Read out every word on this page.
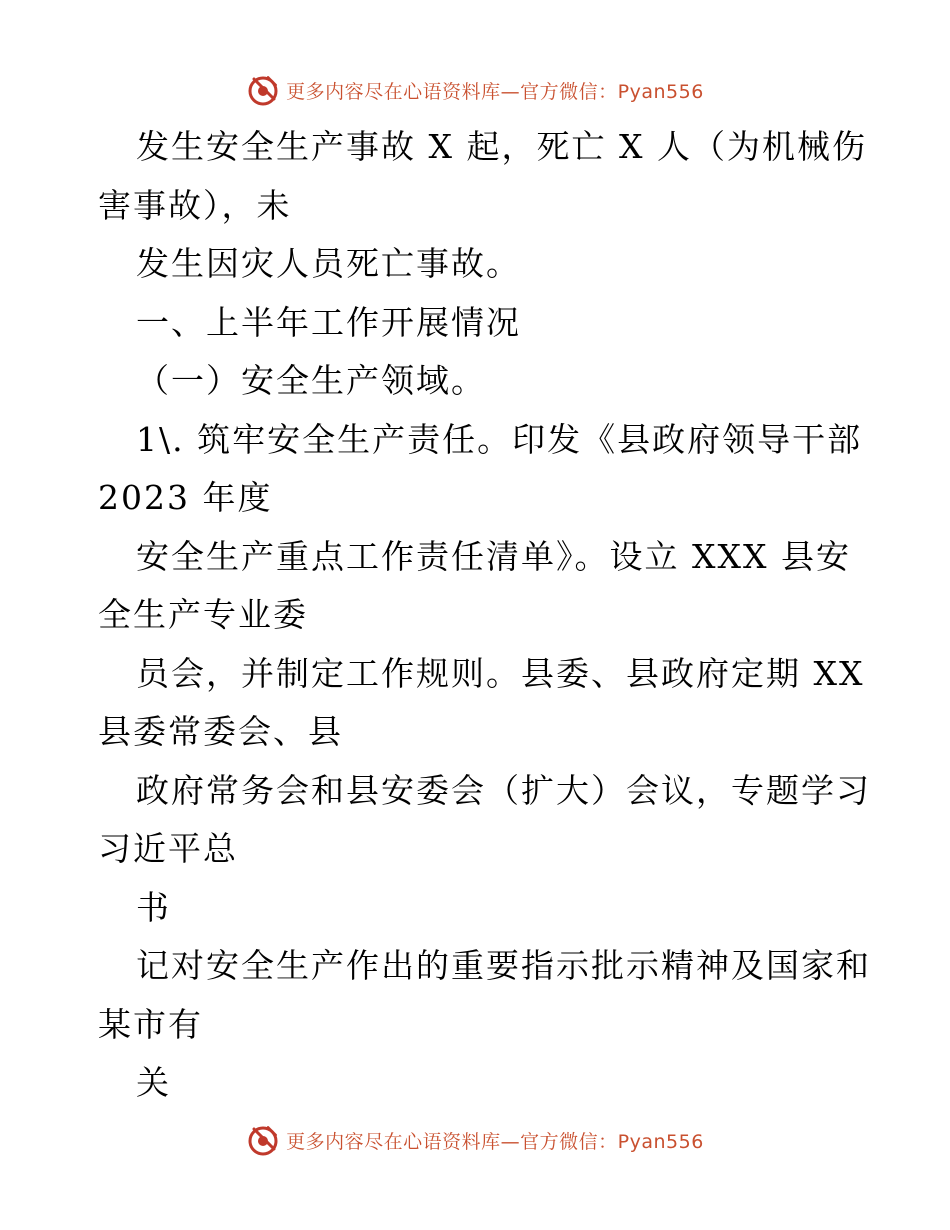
更多内容尽在心语资料库—官方微信：Pyan556
发生安全生产事故 X 起，死亡 X 人（为机械伤
害事故），未
发生因灾人员死亡事故。
一、上半年工作开展情况
（一）安全生产领域。
1\. 筑牢安全生产责任。印发《县政府领导干部
2023 年度
安全生产重点工作责任清单》。设立 XXX 县安
全生产专业委
员会，并制定工作规则。县委、县政府定期 XX
县委常委会、县
政府常务会和县安委会（扩大）会议，专题学习
习近平总
书
记对安全生产作出的重要指示批示精神及国家和
某市有
关
更多内容尽在心语资料库—官方微信：Pyan556
